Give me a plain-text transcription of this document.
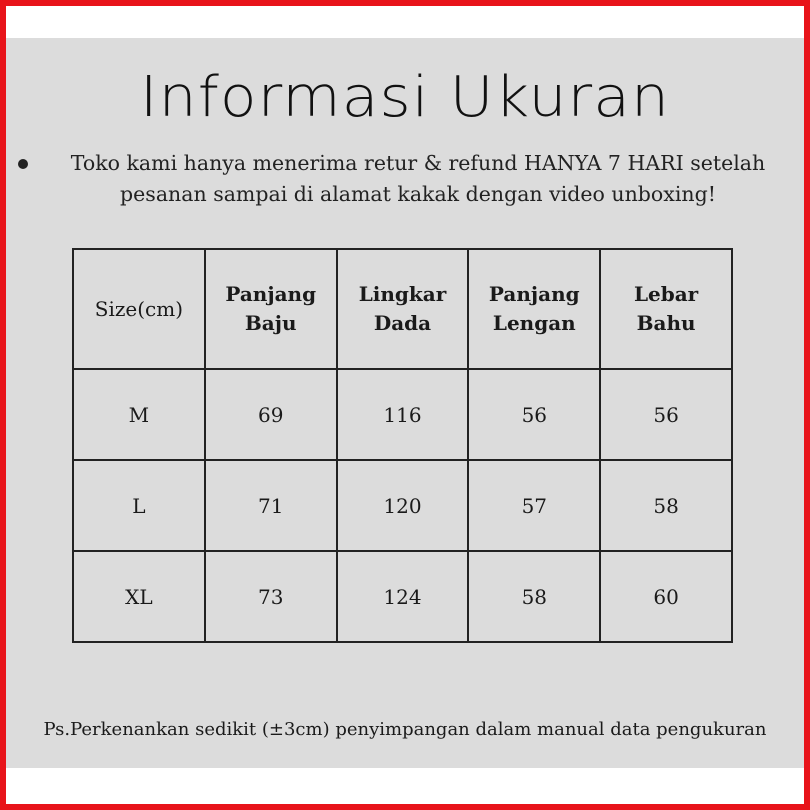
Informasi Ukuran
Toko kami hanya menerima retur & refund HANYA 7 HARI setelah pesanan sampai di alamat kakak dengan video unboxing!
Size(cm)	Panjang Baju	Lingkar Dada	Panjang Lengan	Lebar Bahu
M	69	116	56	56
L	71	120	57	58
XL	73	124	58	60
Ps.Perkenankan sedikit (±3cm) penyimpangan dalam manual data pengukuran
